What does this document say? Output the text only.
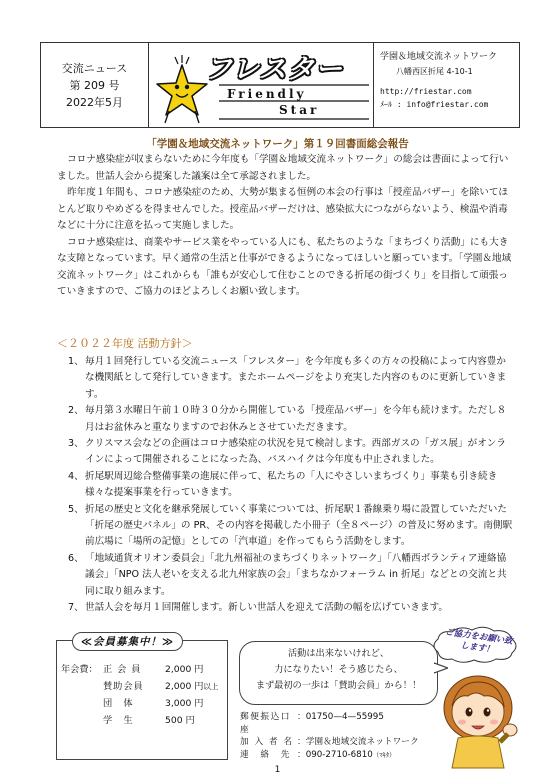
交流ニュース
第 209 号
2022年5月
フレスター
Friendly
Star
学園＆地域交流ネットワーク
八幡西区折尾 4-10-1
http://friestar.com
ﾒｰﾙ : info@friestar.com
「学園＆地域交流ネットワーク」第１９回書面総会報告

コロナ感染症が収まらないために今年度も「学園＆地域交流ネットワーク」の総会は書面によって行いました。世話人会から提案した議案は全て承認されました。

昨年度１年間も、コロナ感染症のため、大勢が集まる恒例の本会の行事は「授産品バザー」を除いてほとんど取りやめざるを得ませんでした。授産品バザーだけは、感染拡大につながらないよう、検温や消毒などに十分に注意を払って実施しました。

コロナ感染症は、商業やサービス業をやっている人にも、私たちのような「まちづくり活動」にも大きな支障となっています。早く通常の生活と仕事ができるようになってほしいと願っています。「学園＆地域交流ネットワーク」はこれからも「誰もが安心して住むことのできる折尾の街づくり」を目指して頑張っていきますので、ご協力のほどよろしくお願い致します。

＜２０２２年度 活動方針＞
1、 毎月１回発行している交流ニュース「フレスター」を今年度も多くの方々の投稿によって内容豊かな機関紙として発行していきます。またホームページをより充実した内容のものに更新していきます。
2、 毎月第３水曜日午前１０時３０分から開催している「授産品バザー」を今年も続けます。ただし８月はお盆休みと重なりますのでお休みとさせていただきます。
3、 クリスマス会などの企画はコロナ感染症の状況を見て検討します。西部ガスの「ガス展」がオンラインによって開催されることになった為、バスハイクは今年度も中止されました。
4、 折尾駅周辺総合整備事業の進展に伴って、私たちの「人にやさしいまちづくり」事業も引き続き様々な提案事業を行っていきます。
5、 折尾の歴史と文化を継承発展していく事業については、折尾駅１番線乗り場に設置していただいた「折尾の歴史パネル」の PR、その内容を掲載した小冊子（全８ページ）の普及に努めます。南側駅前広場に「場所の記憶」としての「汽車道」を作ってもらう活動をします。
6、 「地域通貨オリオン委員会」「北九州福祉のまちづくりネットワーク」「八幡西ボランティア連絡協議会」「NPO 法人老いを支える北九州家族の会」「まちなかフォーラム in 折尾」などとの交流と共同に取り組みます。
7、 世話人会を毎月１回開催します。新しい世話人を迎えて活動の幅を広げていきます。
≪会員募集中！≫
年会費： 正 会 員	2,000 円
賛助会員	2,000 円 以上
団　体	3,000 円
学　生	500 円
活動は出来ないけれど、
力になりたい！そう感じたら、
まず最初の一歩は「賛助会員」から！！
郵便振込口座
：01750—4—55995
加 入 者 名 ：学園＆地域交流ネットワーク
連　絡　先 ：090-2710-6810 （ﾏｷﾀ）
ご協力をお願い致します！
1
